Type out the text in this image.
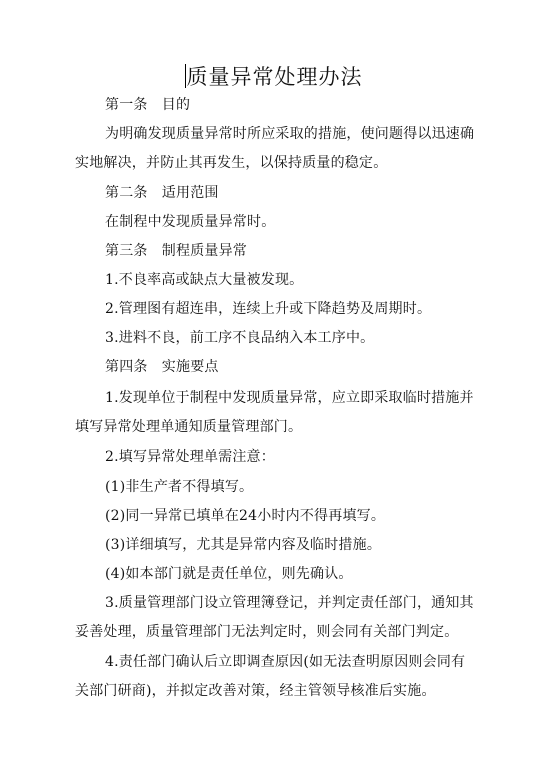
质量异常处理办法
第一条　目的
为明确发现质量异常时所应采取的措施，使问题得以迅速确
实地解决，并防止其再发生，以保持质量的稳定。
第二条　适用范围
在制程中发现质量异常时。
第三条　制程质量异常
1.不良率高或缺点大量被发现。
2.管理图有超连串，连续上升或下降趋势及周期时。
3.进料不良，前工序不良品纳入本工序中。
第四条　实施要点
1.发现单位于制程中发现质量异常，应立即采取临时措施并
填写异常处理单通知质量管理部门。
2.填写异常处理单需注意：
(1)非生产者不得填写。
(2)同一异常已填单在24小时内不得再填写。
(3)详细填写，尤其是异常内容及临时措施。
(4)如本部门就是责任单位，则先确认。
3.质量管理部门设立管理簿登记，并判定责任部门，通知其
妥善处理，质量管理部门无法判定时，则会同有关部门判定。
4.责任部门确认后立即调查原因(如无法查明原因则会同有
关部门研商)，并拟定改善对策，经主管领导核准后实施。
